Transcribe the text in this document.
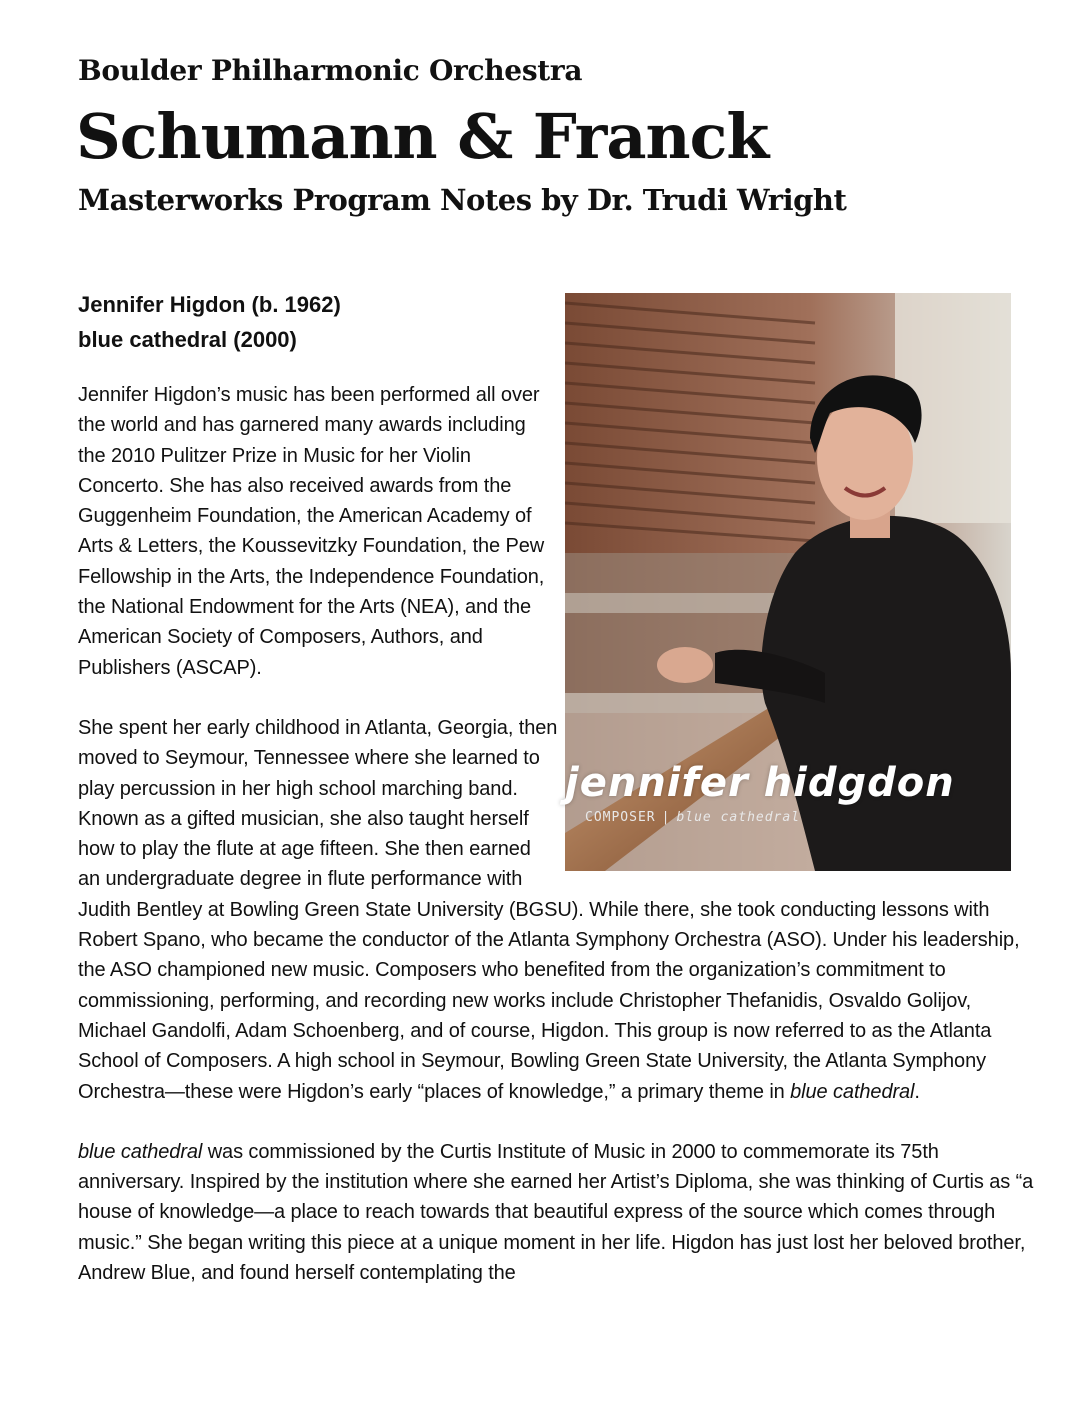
Boulder Philharmonic Orchestra
Schumann & Franck
Masterworks Program Notes by Dr. Trudi Wright
Jennifer Higdon (b. 1962)
blue cathedral (2000)
jennifer hidgdon
COMPOSER | blue cathedral

Jennifer Higdon’s music has been performed all over the world and has garnered many awards including the 2010 Pulitzer Prize in Music for her Violin Concerto. She has also received awards from the Guggenheim Foundation, the American Academy of Arts & Letters, the Koussevitzky Foundation, the Pew Fellowship in the Arts, the Independence Foundation, the National Endowment for the Arts (NEA), and the American Society of Composers, Authors, and Publishers (ASCAP).

She spent her early childhood in Atlanta, Georgia, then moved to Seymour, Tennessee where she learned to play percussion in her high school marching band. Known as a gifted musician, she also taught herself how to play the flute at age fifteen. She then earned an undergraduate degree in flute performance with Judith Bentley at Bowling Green State University (BGSU). While there, she took conducting lessons with Robert Spano, who became the conductor of the Atlanta Symphony Orchestra (ASO). Under his leadership, the ASO championed new music. Composers who benefited from the organization’s commitment to commissioning, performing, and recording new works include Christopher Thefanidis, Osvaldo Golijov, Michael Gandolfi, Adam Schoenberg, and of course, Higdon. This group is now referred to as the Atlanta School of Composers. A high school in Seymour, Bowling Green State University, the Atlanta Symphony Orchestra—these were Higdon’s early “places of knowledge,” a primary theme in blue cathedral.

blue cathedral was commissioned by the Curtis Institute of Music in 2000 to commemorate its 75th anniversary. Inspired by the institution where she earned her Artist’s Diploma, she was thinking of Curtis as “a house of knowledge—a place to reach towards that beautiful express of the source which comes through music.” She began writing this piece at a unique moment in her life. Higdon has just lost her beloved brother, Andrew Blue, and found herself contemplating the
